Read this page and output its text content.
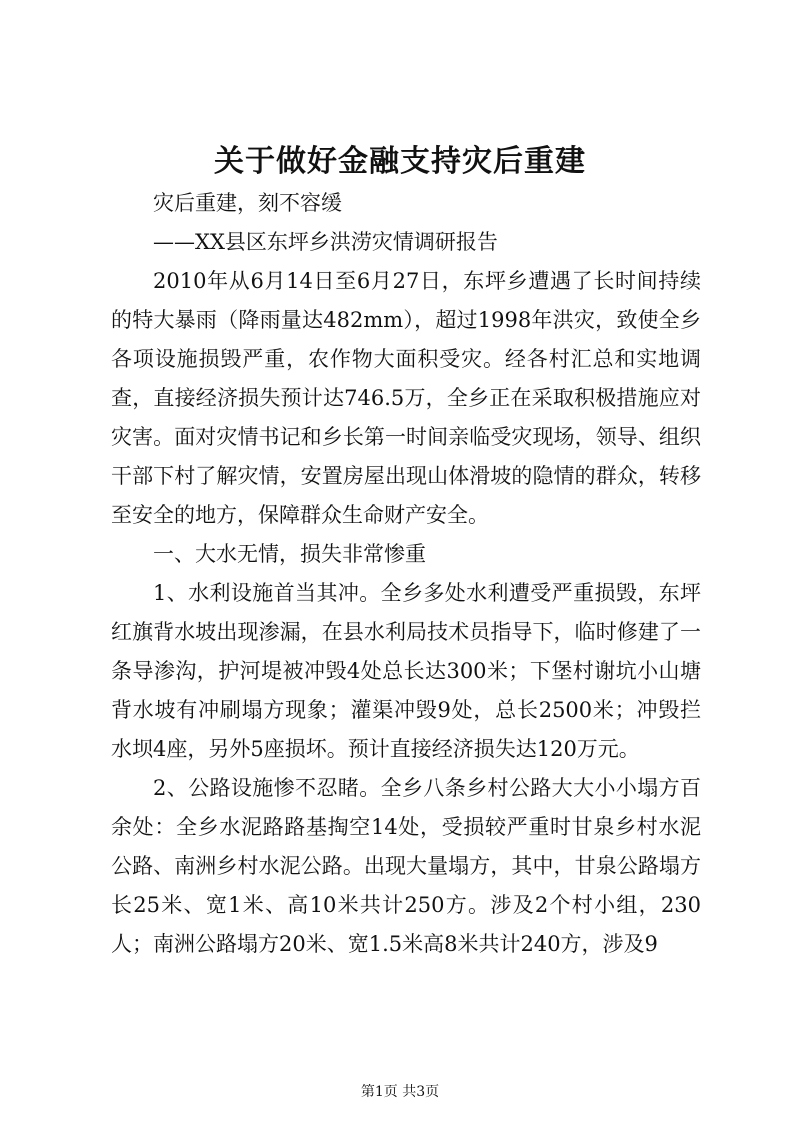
关于做好金融支持灾后重建

灾后重建，刻不容缓

——XX县区东坪乡洪涝灾情调研报告

2010年从6月14日至6月27日，东坪乡遭遇了长时间持续的特大暴雨（降雨量达482mm），超过1998年洪灾，致使全乡各项设施损毁严重，农作物大面积受灾。经各村汇总和实地调查，直接经济损失预计达746.5万，全乡正在采取积极措施应对灾害。面对灾情书记和乡长第一时间亲临受灾现场，领导、组织干部下村了解灾情，安置房屋出现山体滑坡的隐情的群众，转移至安全的地方，保障群众生命财产安全。

一、大水无情，损失非常惨重

1、水利设施首当其冲。全乡多处水利遭受严重损毁，东坪红旗背水坡出现渗漏，在县水利局技术员指导下，临时修建了一条导渗沟，护河堤被冲毁4处总长达300米；下堡村谢坑小山塘背水坡有冲刷塌方现象；灌渠冲毁9处，总长2500米；冲毁拦水坝4座，另外5座损坏。预计直接经济损失达120万元。

2、公路设施惨不忍睹。全乡八条乡村公路大大小小塌方百余处：全乡水泥路路基掏空14处，受损较严重时甘泉乡村水泥公路、南洲乡村水泥公路。出现大量塌方，其中，甘泉公路塌方长25米、宽1米、高10米共计250方。涉及2个村小组，230人；南洲公路塌方20米、宽1.5米高8米共计240方，涉及9

第1页 共3页
